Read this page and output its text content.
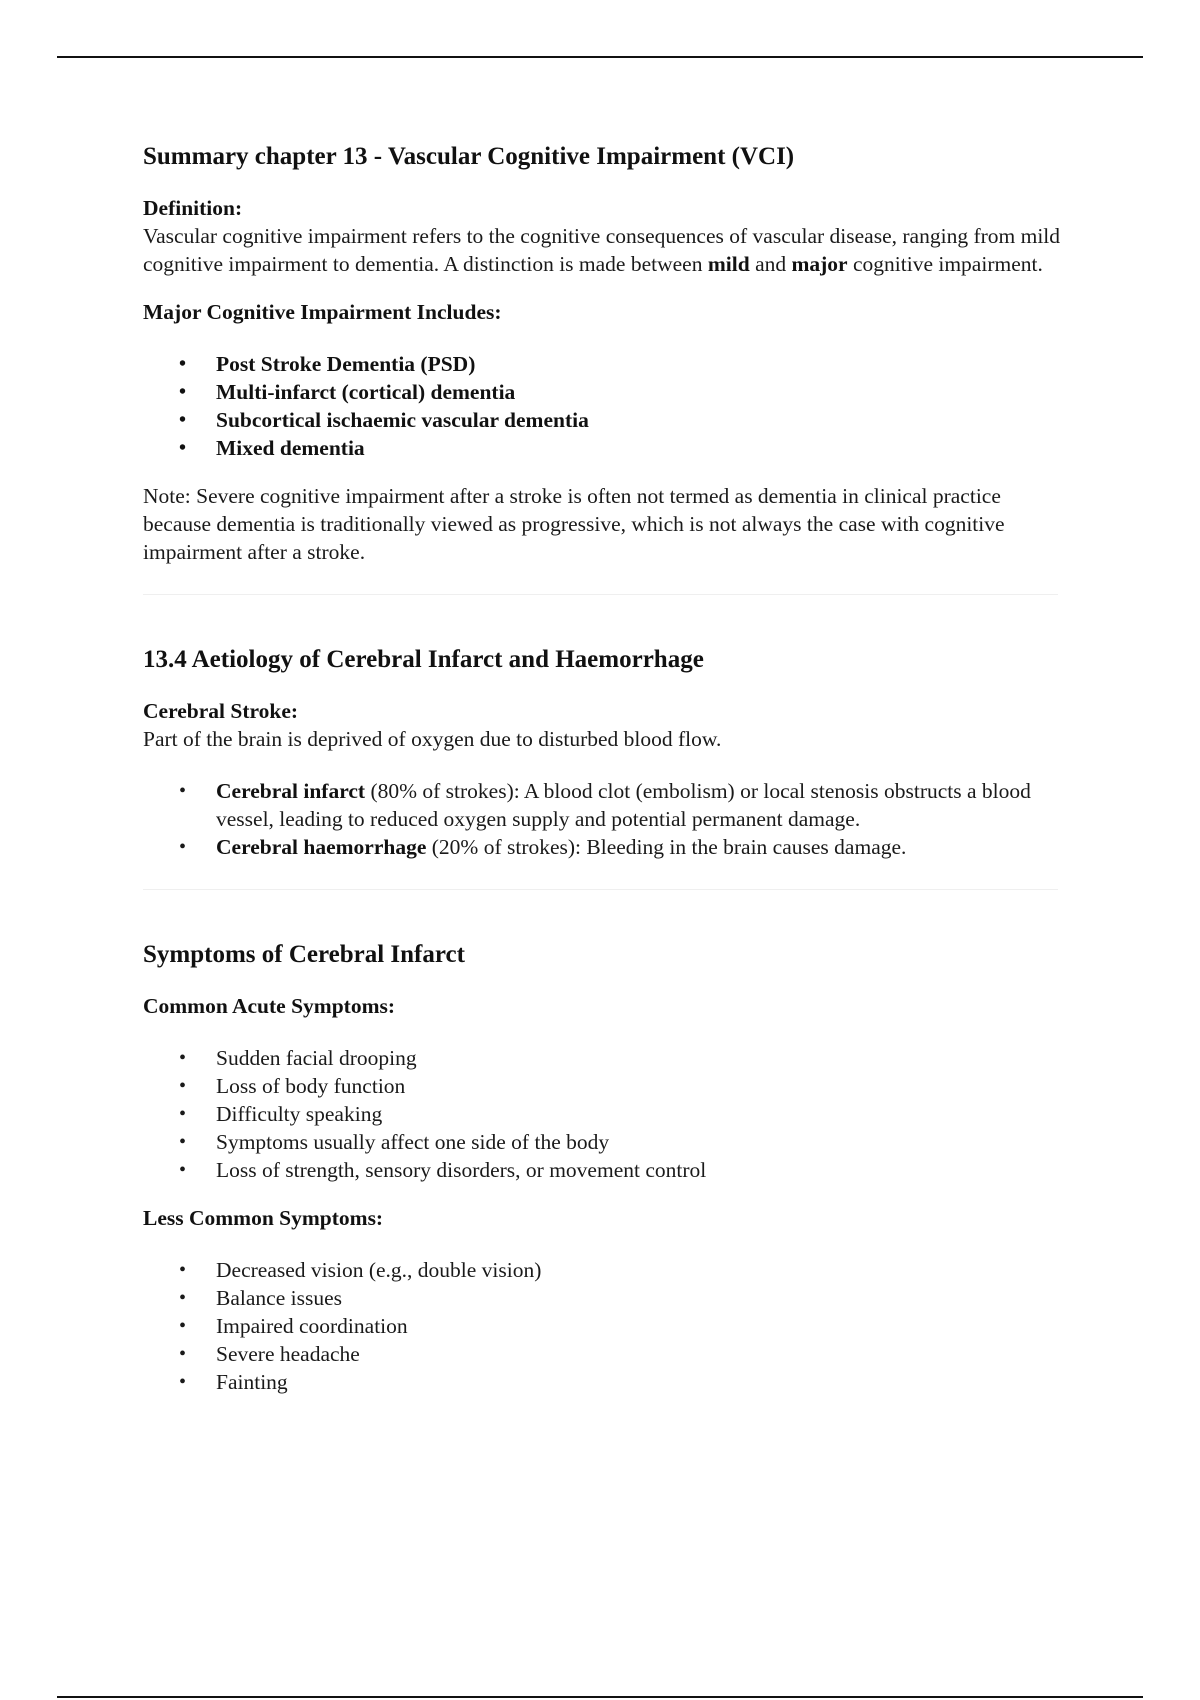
Summary chapter 13 - Vascular Cognitive Impairment (VCI)

Definition:

Vascular cognitive impairment refers to the cognitive consequences of vascular disease, ranging from mild cognitive impairment to dementia. A distinction is made between mild and major cognitive impairment.

Major Cognitive Impairment Includes:

• Post Stroke Dementia (PSD)
• Multi-infarct (cortical) dementia
• Subcortical ischaemic vascular dementia
• Mixed dementia

Note: Severe cognitive impairment after a stroke is often not termed as dementia in clinical practice because dementia is traditionally viewed as progressive, which is not always the case with cognitive impairment after a stroke.

13.4 Aetiology of Cerebral Infarct and Haemorrhage

Cerebral Stroke:

Part of the brain is deprived of oxygen due to disturbed blood flow.

• Cerebral infarct (80% of strokes): A blood clot (embolism) or local stenosis obstructs a blood vessel, leading to reduced oxygen supply and potential permanent damage.
• Cerebral haemorrhage (20% of strokes): Bleeding in the brain causes damage.
Symptoms of Cerebral Infarct

Common Acute Symptoms:

• Sudden facial drooping
• Loss of body function
• Difficulty speaking
• Symptoms usually affect one side of the body
• Loss of strength, sensory disorders, or movement control

Less Common Symptoms:

• Decreased vision (e.g., double vision)
• Balance issues
• Impaired coordination
• Severe headache
• Fainting
